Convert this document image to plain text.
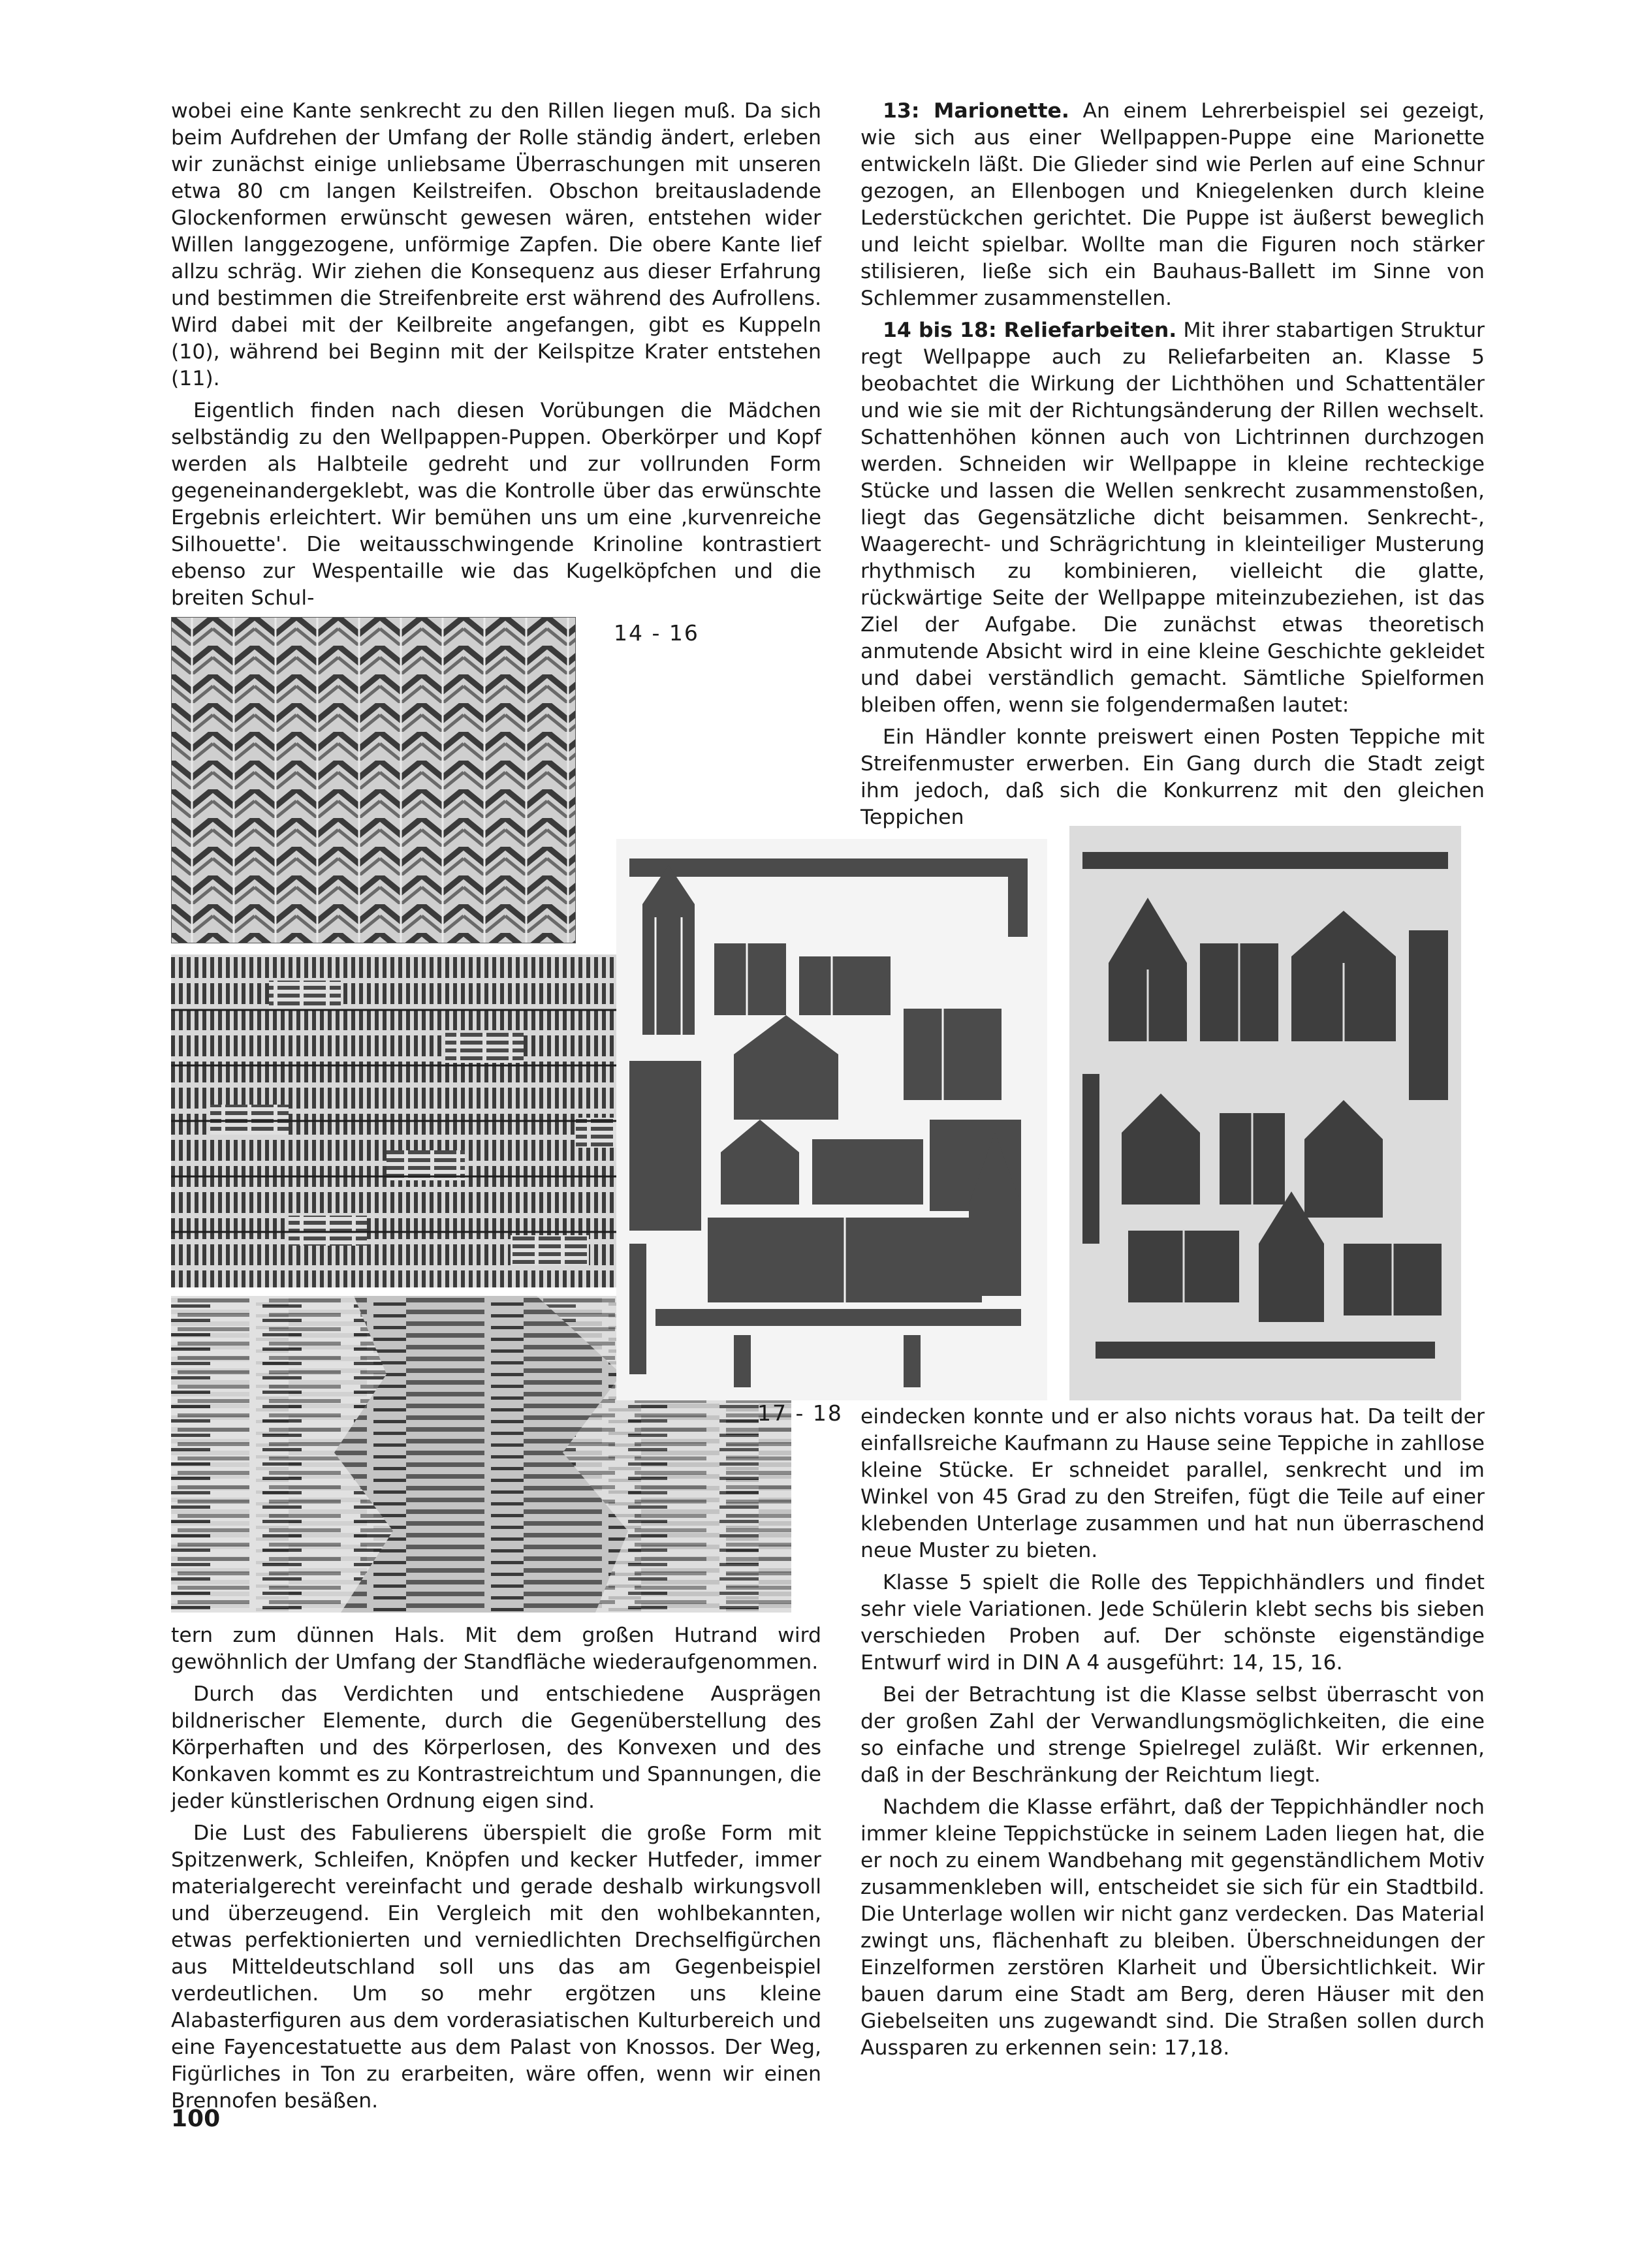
wobei eine Kante senkrecht zu den Rillen liegen muß. Da sich beim Aufdrehen der Umfang der Rolle ständig ändert, erleben wir zunächst einige unliebsame Überraschungen mit unseren etwa 80 cm langen Keilstreifen. Obschon breitausladende Glockenformen erwünscht gewesen wären, entstehen wider Willen langgezogene, unförmige Zapfen. Die obere Kante lief allzu schräg. Wir ziehen die Konsequenz aus dieser Erfahrung und bestimmen die Streifenbreite erst während des Aufrollens. Wird dabei mit der Keilbreite angefangen, gibt es Kuppeln (10), während bei Beginn mit der Keilspitze Krater entstehen (11).

Eigentlich finden nach diesen Vorübungen die Mädchen selbständig zu den Wellpappen-Puppen. Oberkörper und Kopf werden als Halbteile gedreht und zur vollrunden Form gegeneinandergeklebt, was die Kontrolle über das erwünschte Ergebnis erleichtert. Wir bemühen uns um eine ‚kurvenreiche Silhouette'. Die weitausschwingende Krinoline kontrastiert ebenso zur Wespentaille wie das Kugelköpfchen und die breiten Schul-

13: Marionette. An einem Lehrerbeispiel sei gezeigt, wie sich aus einer Wellpappen-Puppe eine Marionette entwickeln läßt. Die Glieder sind wie Perlen auf eine Schnur gezogen, an Ellenbogen und Kniegelenken durch kleine Lederstückchen gerichtet. Die Puppe ist äußerst beweglich und leicht spielbar. Wollte man die Figuren noch stärker stilisieren, ließe sich ein Bauhaus-Ballett im Sinne von Schlemmer zusammenstellen.

14 bis 18: Reliefarbeiten. Mit ihrer stabartigen Struktur regt Wellpappe auch zu Reliefarbeiten an. Klasse 5 beobachtet die Wirkung der Lichthöhen und Schattentäler und wie sie mit der Richtungsänderung der Rillen wechselt. Schattenhöhen können auch von Lichtrinnen durchzogen werden. Schneiden wir Wellpappe in kleine rechteckige Stücke und lassen die Wellen senkrecht zusammenstoßen, liegt das Gegensätzliche dicht beisammen. Senkrecht-, Waagerecht- und Schrägrichtung in kleinteiliger Musterung rhythmisch zu kombinieren, vielleicht die glatte, rückwärtige Seite der Wellpappe miteinzubeziehen, ist das Ziel der Aufgabe. Die zunächst etwas theoretisch anmutende Absicht wird in eine kleine Geschichte gekleidet und dabei verständlich gemacht. Sämtliche Spielformen bleiben offen, wenn sie folgendermaßen lautet:

Ein Händler konnte preiswert einen Posten Teppiche mit Streifenmuster erwerben. Ein Gang durch die Stadt zeigt ihm jedoch, daß sich die Konkurrenz mit den gleichen Teppichen

14 - 16
17 - 18

tern zum dünnen Hals. Mit dem großen Hutrand wird gewöhnlich der Umfang der Standfläche wiederaufgenommen.

Durch das Verdichten und entschiedene Ausprägen bildnerischer Elemente, durch die Gegenüberstellung des Körperhaften und des Körperlosen, des Konvexen und des Konkaven kommt es zu Kontrastreichtum und Spannungen, die jeder künstlerischen Ordnung eigen sind.

Die Lust des Fabulierens überspielt die große Form mit Spitzenwerk, Schleifen, Knöpfen und kecker Hutfeder, immer materialgerecht vereinfacht und gerade deshalb wirkungsvoll und überzeugend. Ein Vergleich mit den wohlbekannten, etwas perfektionierten und verniedlichten Drechselfigürchen aus Mitteldeutschland soll uns das am Gegenbeispiel verdeutlichen. Um so mehr ergötzen uns kleine Alabasterfiguren aus dem vorderasiatischen Kulturbereich und eine Fayencestatuette aus dem Palast von Knossos. Der Weg, Figürliches in Ton zu erarbeiten, wäre offen, wenn wir einen Brennofen besäßen.

eindecken konnte und er also nichts voraus hat. Da teilt der einfallsreiche Kaufmann zu Hause seine Teppiche in zahllose kleine Stücke. Er schneidet parallel, senkrecht und im Winkel von 45 Grad zu den Streifen, fügt die Teile auf einer klebenden Unterlage zusammen und hat nun überraschend neue Muster zu bieten.

Klasse 5 spielt die Rolle des Teppichhändlers und findet sehr viele Variationen. Jede Schülerin klebt sechs bis sieben verschieden Proben auf. Der schönste eigenständige Entwurf wird in DIN A 4 ausgeführt: 14, 15, 16.

Bei der Betrachtung ist die Klasse selbst überrascht von der großen Zahl der Verwandlungsmöglichkeiten, die eine so einfache und strenge Spielregel zuläßt. Wir erkennen, daß in der Beschränkung der Reichtum liegt.

Nachdem die Klasse erfährt, daß der Teppichhändler noch immer kleine Teppichstücke in seinem Laden liegen hat, die er noch zu einem Wandbehang mit gegenständlichem Motiv zusammenkleben will, entscheidet sie sich für ein Stadtbild. Die Unterlage wollen wir nicht ganz verdecken. Das Material zwingt uns, flächenhaft zu bleiben. Überschneidungen der Einzelformen zerstören Klarheit und Übersichtlichkeit. Wir bauen darum eine Stadt am Berg, deren Häuser mit den Giebelseiten uns zugewandt sind. Die Straßen sollen durch Aussparen zu erkennen sein: 17,18.

100
